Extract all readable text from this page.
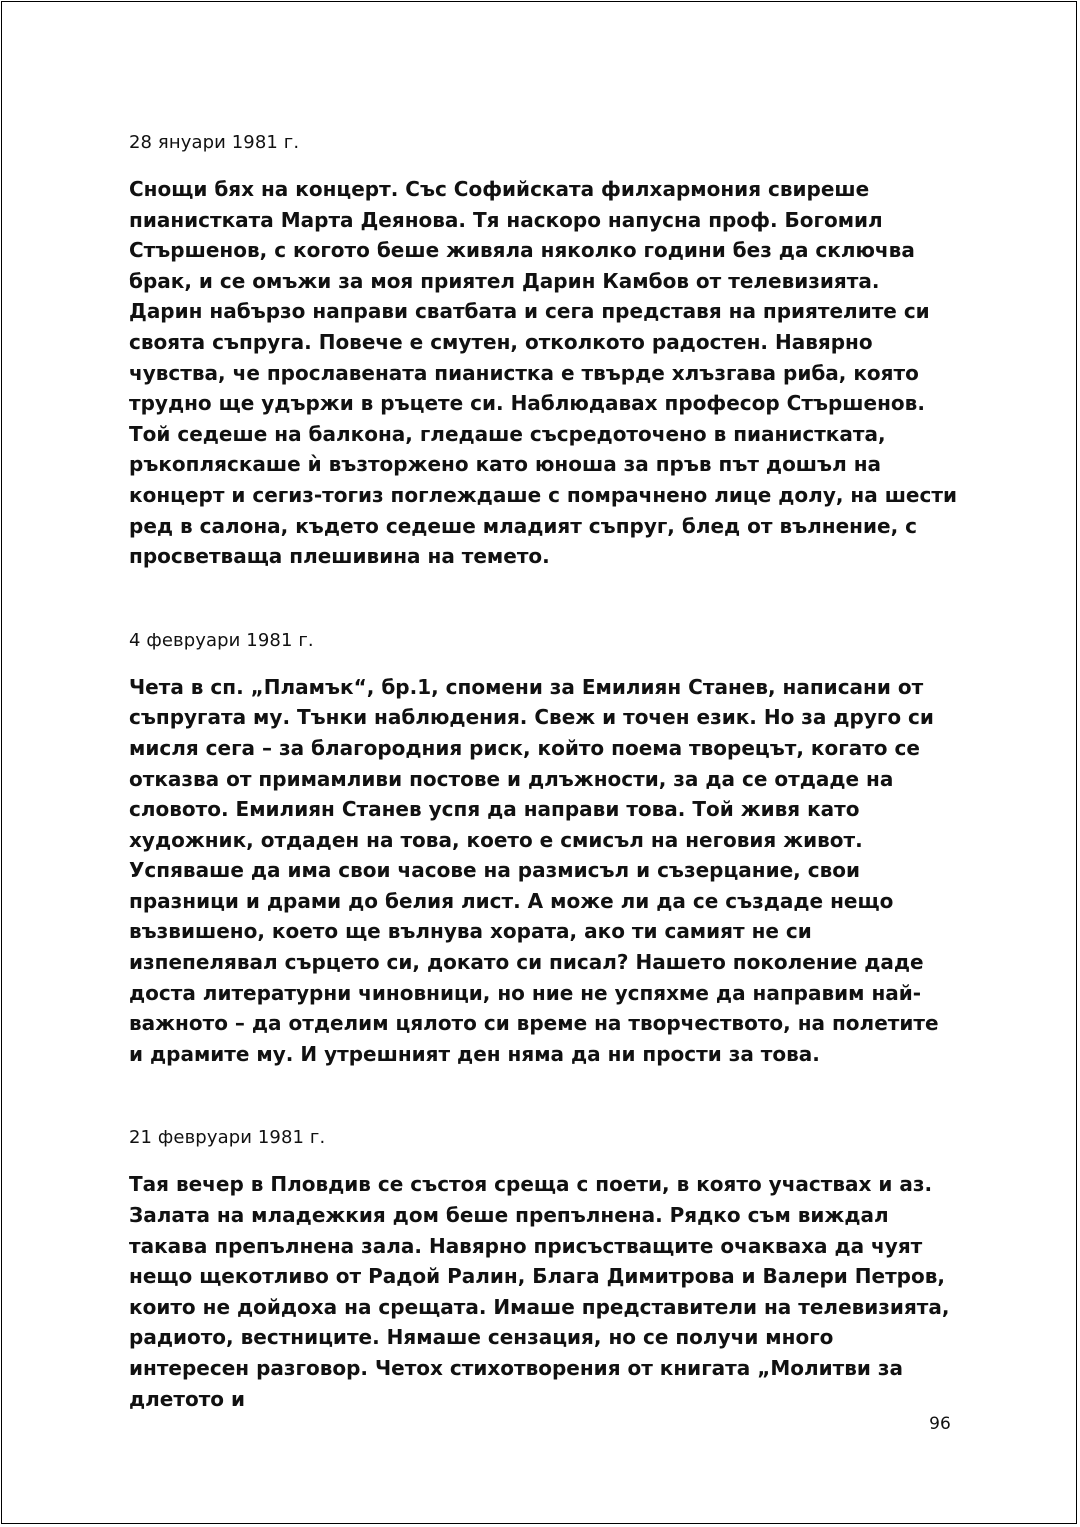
28 януари 1981 г.

Снощи бях на концерт. Със Софийската филхармония свиреше пианистката Марта Деянова. Тя наскоро напусна проф. Богомил Стършенов, с когото беше живяла няколко години без да сключва брак, и се омъжи за моя приятел Дарин Камбов от телевизията. Дарин набързо направи сватбата и сега представя на приятелите си своята съпруга. Повече е смутен, отколкото радостен. Навярно чувства, че прославената пианистка е твърде хлъзгава риба, която трудно ще удържи в ръцете си. Наблюдавах професор Стършенов. Той седеше на балкона, гледаше съсредоточено в пианистката, ръкопляскаше ѝ възторжено като юноша за пръв път дошъл на концерт и сегиз-тогиз поглеждаше с помрачнено лице долу, на шести ред в салона, където седеше младият съпруг, блед от вълнение, с просветваща плешивина на темето.

4 февруари 1981 г.

Чета в сп. „Пламък“, бр.1, спомени за Емилиян Станев, написани от съпругата му. Тънки наблюдения. Свеж и точен език. Но за друго си мисля сега – за благородния риск, който поема творецът, когато се отказва от примамливи постове и длъжности, за да се отдаде на словото. Емилиян Станев успя да направи това. Той живя като художник, отдаден на това, което е смисъл на неговия живот. Успяваше да има свои часове на размисъл и съзерцание, свои празници и драми до белия лист. А може ли да се създаде нещо възвишено, което ще вълнува хората, ако ти самият не си изпепелявал сърцето си, докато си писал? Нашето поколение даде доста литературни чиновници, но ние не успяхме да направим най-важното – да отделим цялото си време на творчеството, на полетите и драмите му. И утрешният ден няма да ни прости за това.

21 февруари 1981 г.

Тая вечер в Пловдив се състоя среща с поети, в която участвах и аз. Залата на младежкия дом беше препълнена. Рядко съм виждал такава препълнена зала. Навярно присъстващите очакваха да чуят нещо щекотливо от Радой Ралин, Блага Димитрова и Валери Петров, които не дойдоха на срещата. Имаше представители на телевизията, радиото, вестниците. Нямаше сензация, но се получи много интересен разговор. Четох стихотворения от книгата „Молитви за длетото и

96
